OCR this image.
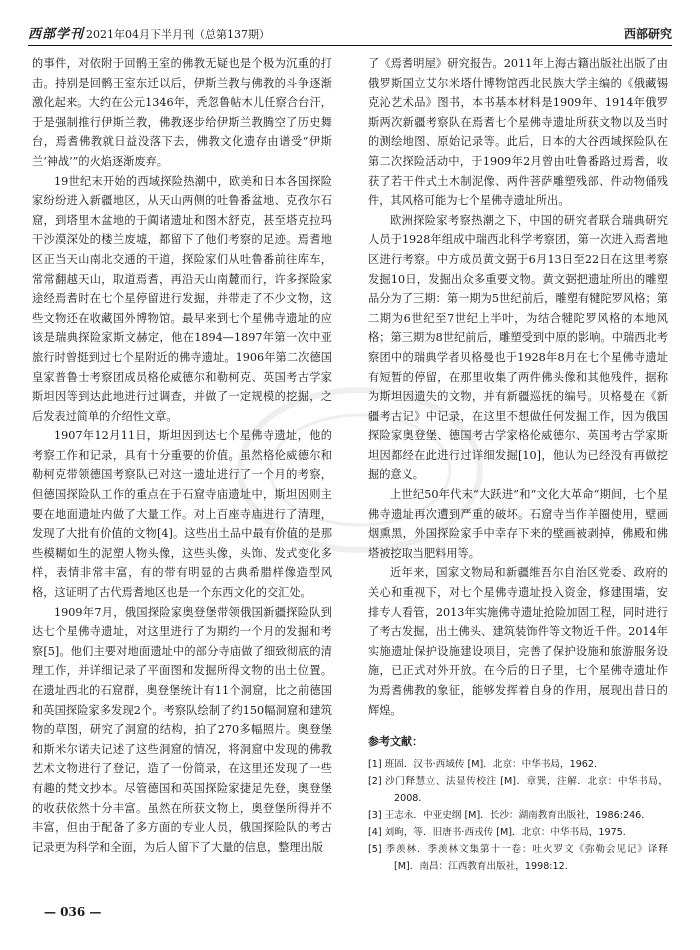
西部学刊 2021年04月下半月刊（总第137期）	西部研究

的事件，对依附于回鹘王室的佛教无疑也是个极为沉重的打击。持别是回鹘王室东迁以后，伊斯兰教与佛教的斗争逐渐激化起来。大约在公元1346年，秃忽鲁帖木儿任察合台汗，于是强制推行伊斯兰教，佛教逐步给伊斯兰教腾空了历史舞台，焉耆佛教就日益没落下去，佛教文化遗存由谱受“伊斯兰‘神战’”的火焰逐渐废弃。

19世纪末开始的西域探险热潮中，欧美和日本各国探险家纷纷进入新疆地区，从天山两侧的吐鲁番盆地、克孜尔石窟，到塔里木盆地的于阗诸遗址和图木舒克，甚至塔克拉玛干沙漠深处的楼兰废墟，都留下了他们考察的足迹。焉耆地区正当天山南北交通的干道，探险家们从吐鲁番前往库车，常常翻越天山，取道焉耆，再沿天山南麓而行，许多探险家途经焉耆时在七个星停留进行发掘，并带走了不少文物，这些文物还在收藏国外博物馆。最早来到七个星佛寺遗址的应该是瑞典探险家斯文赫定，他在1894—1897年第一次中亚旅行时曾挺到过七个星附近的佛寺遗址。1906年第二次德国皇家普鲁士考察团成员格伦威德尔和勒柯克、英国考古学家斯坦因等到达此地进行过调查，并做了一定规模的挖掘，之后发表过简单的介绍性文章。

1907年12月11日，斯坦因到达七个星佛寺遗址，他的考察工作和记录，具有十分重要的价值。虽然格伦威德尔和勒柯克带领德国考察队已对这一遗址进行了一个月的考察，但德国探险队工作的重点在于石窟寺庙遗址中，斯坦因则主要在地面遗址内做了大量工作。对上百座寺庙进行了清理，发现了大批有价值的文物[4]。这些出土品中最有价值的是那些模糊如生的泥塑人物头像，这些头像，头饰、发式变化多样，表情非常丰富，有的带有明显的古典希腊样像造型风格，这证明了古代焉耆地区也是一个东西文化的交汇处。

1909年7月，俄国探险家奥登堡带领俄国新疆探险队到达七个星佛寺遗址，对这里进行了为期约一个月的发掘和考察[5]。他们主要对地面遗址中的部分寺庙做了细致彻底的清理工作，并详细记录了平面图和发掘所得文物的出土位置。在遗址西北的石窟群，奥登堡统计有11个洞窟，比之前德国和英国探险家多发现2个。考察队绘制了约150幅洞窟和建筑物的草图，研究了洞窟的结构，拍了270多幅照片。奥登堡和斯米尔诺夫记述了这些洞窟的情况，将洞窟中发现的佛教艺术文物进行了登记，造了一份简录，在这里还发现了一些有趣的梵文抄本。尽管德国和英国探险家捷足先登，奥登堡的收获依然十分丰富。虽然在所获文物上，奥登堡所得并不丰富，但由于配备了多方面的专业人员，俄国探险队的考古记录更为科学和全面，为后人留下了大量的信息，整理出版

了《焉耆明屋》研究报告。2011年上海古籍出版社出版了由俄罗斯国立艾尔米塔什博物馆西北民族大学主编的《俄藏锡克沁艺术品》图书，本书基本材料是1909年、1914年俄罗斯两次新疆考察队在焉耆七个星佛寺遗址所获文物以及当时的测绘地图、原始记录等。此后，日本的大谷西域探险队在第二次探险活动中，于1909年2月曾由吐鲁番路过焉耆，收获了若干件式土木制泥像、两件菩萨雕塑残部、件动物俑残件，其风格可能为七个星佛寺遗址所出。

欧洲探险家考察热潮之下，中国的研究者联合瑞典研究人员于1928年组成中瑞西北科学考察团，第一次进入焉耆地区进行考察。中方成员黄文弼于6月13日至22日在这里考察发掘10日，发掘出众多重要文物。黄文弼把遗址所出的雕塑品分为了三期：第一期为5世纪前后，雕塑有犍陀罗风格；第二期为6世纪至7世纪上半叶，为结合犍陀罗风格的本地风格；第三期为8世纪前后，雕塑受到中原的影响。中瑞西北考察团中的瑞典学者贝格曼也于1928年8月在七个星佛寺遗址有短暂的停留，在那里收集了两件佛头像和其他残件，据称为斯坦因遗失的文物，并有新疆巡抚的编号。贝格曼在《新疆考古记》中记录，在这里不想做任何发掘工作，因为俄国探险家奥登堡、德国考古学家格伦威德尔、英国考古学家斯坦因都经在此进行过详细发掘[10]，他认为已经没有再做挖掘的意义。

上世纪50年代末“大跃进”和“文化大革命”期间，七个星佛寺遗址再次遭到严重的破坏。石窟寺当作羊圈使用，壁画烟熏黑，外国探险家手中幸存下来的壁画被剥掉，佛殿和佛塔被挖取当肥料用等。

近年来，国家文物局和新疆维吾尔自治区党委、政府的关心和重视下，对七个星佛寺遗址投入资金，修建围墙，安排专人看管，2013年实施佛寺遗址抢险加固工程，同时进行了考古发掘，出土佛头、建筑装饰件等文物近千件。2014年实施遗址保护设施建设项目，完善了保护设施和旅游服务设施，已正式对外开放。在今后的日子里，七个星佛寺遗址作为焉耆佛教的象征，能够发挥着自身的作用，展现出昔日的辉煌。

参考文献：
[1] 班固．汉书·西域传 [M]．北京：中华书局，1962．
[2] 沙门释慧立、法显传校注 [M]．章巽，注解．北京：中华书局，2008．
[3] 王志永．中亚史纲 [M]．长沙：湖南教育出版社，1986:246．
[4] 刘昫，等．旧唐书·西戎传 [M]．北京：中华书局，1975．
[5] 季羡林．季羡林文集第十一卷：吐火罗文《弥勒会见记》译释 [M]．南昌：江西教育出版社，1998:12．
— 036 —
